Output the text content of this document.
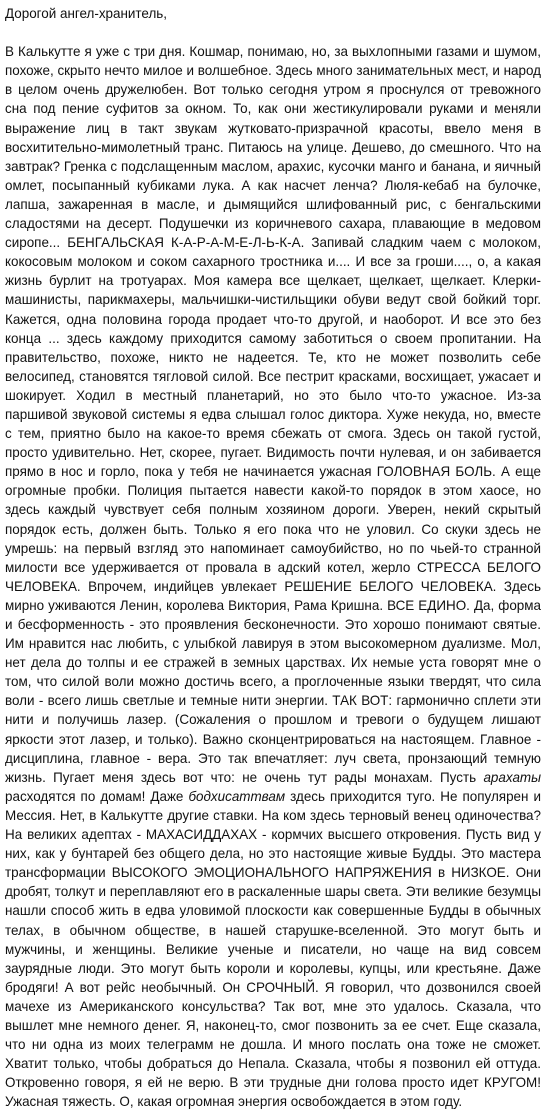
Дорогой ангел-хранитель,

В Калькутте я уже с три дня. Кошмар, понимаю, но, за выхлопными газами и шумом, похоже, скрыто нечто милое и волшебное. Здесь много занимательных мест, и народ в целом очень дружелюбен. Вот только сегодня утром я проснулся от тревожного сна под пение суфитов за окном. То, как они жестикулировали руками и меняли выражение лиц в такт звукам жутковато-призрачной красоты, ввело меня в восхитительно-мимолетный транс. Питаюсь на улице. Дешево, до смешного. Что на завтрак? Гренка с подслащенным маслом, арахис, кусочки манго и банана, и яичный омлет, посыпанный кубиками лука. А как насчет ленча? Люля-кебаб на булочке, лапша, зажаренная в масле, и дымящийся шлифованный рис, с бенгальскими сладостями на десерт. Подушечки из коричневого сахара, плавающие в медовом сиропе... БЕНГАЛЬСКАЯ К-А-Р-А-М-Е-Л-Ь-К-А. Запивай сладким чаем с молоком, кокосовым молоком и соком сахарного тростника и.... И все за гроши...., о, а какая жизнь бурлит на тротуарах. Моя камера все щелкает, щелкает, щелкает. Клерки-машинисты, парикмахеры, мальчишки-чистильщики обуви ведут свой бойкий торг. Кажется, одна половина города продает что-то другой, и наоборот. И все это без конца ... здесь каждому приходится самому заботиться о своем пропитании. На правительство, похоже, никто не надеется. Те, кто не может позволить себе велосипед, становятся тягловой силой. Все пестрит красками, восхищает, ужасает и шокирует. Ходил в местный планетарий, но это было что-то ужасное. Из-за паршивой звуковой системы я едва слышал голос диктора. Хуже некуда, но, вместе с тем, приятно было на какое-то время сбежать от смога. Здесь он такой густой, просто удивительно. Нет, скорее, пугает. Видимость почти нулевая, и он забивается прямо в нос и горло, пока у тебя не начинается ужасная ГОЛОВНАЯ БОЛЬ. А еще огромные пробки. Полиция пытается навести какой-то порядок в этом хаосе, но здесь каждый чувствует себя полным хозяином дороги. Уверен, некий скрытый порядок есть, должен быть. Только я его пока что не уловил. Со скуки здесь не умрешь: на первый взгляд это напоминает самоубийство, но по чьей-то странной милости все удерживается от провала в адский котел, жерло СТРЕССА БЕЛОГО ЧЕЛОВЕКА. Впрочем, индийцев увлекает РЕШЕНИЕ БЕЛОГО ЧЕЛОВЕКА. Здесь мирно уживаются Ленин, королева Виктория, Рама Кришна. ВСЕ ЕДИНО. Да, форма и бесформенность - это проявления бесконечности. Это хорошо понимают святые. Им нравится нас любить, с улыбкой лавируя в этом высокомерном дуализме. Мол, нет дела до толпы и ее стражей в земных царствах. Их немые уста говорят мне о том, что силой воли можно достичь всего, а проглоченные языки твердят, что сила воли - всего лишь светлые и темные нити энергии. ТАК ВОТ: гармонично сплети эти нити и получишь лазер. (Сожаления о прошлом и тревоги о будущем лишают яркости этот лазер, и только). Важно сконцентрироваться на настоящем. Главное - дисциплина, главное - вера. Это так впечатляет: луч света, пронзающий темную жизнь. Пугает меня здесь вот что: не очень тут рады монахам. Пусть арахаты расходятся по домам! Даже бодхисаттвам здесь приходится туго. Не популярен и Мессия. Нет, в Калькутте другие ставки. На ком здесь терновый венец одиночества? На великих адептах - МАХАСИДДАХАХ - кормчих высшего откровения. Пусть вид у них, как у бунтарей без общего дела, но это настоящие живые Будды. Это мастера трансформации ВЫСОКОГО ЭМОЦИОНАЛЬНОГО НАПРЯЖЕНИЯ в НИЗКОЕ. Они дробят, толкут и переплавляют его в раскаленные шары света. Эти великие безумцы нашли способ жить в едва уловимой плоскости как совершенные Будды в обычных телах, в обычном обществе, в нашей старушке-вселенной. Это могут быть и мужчины, и женщины. Великие ученые и писатели, но чаще на вид совсем заурядные люди. Это могут быть короли и королевы, купцы, или крестьяне. Даже бродяги! А вот рейс необычный. Он СРОЧНЫЙ. Я говорил, что дозвонился своей мачехе из Американского консульства? Так вот, мне это удалось. Сказала, что вышлет мне немного денег. Я, наконец-то, смог позвонить за ее счет. Еще сказала, что ни одна из моих телеграмм не дошла. И много послать она тоже не сможет. Хватит только, чтобы добраться до Непала. Сказала, чтобы я позвонил ей оттуда. Откровенно говоря, я ей не верю. В эти трудные дни голова просто идет КРУГОМ! Ужасная тяжесть. О, какая огромная энергия освобождается в этом году.
